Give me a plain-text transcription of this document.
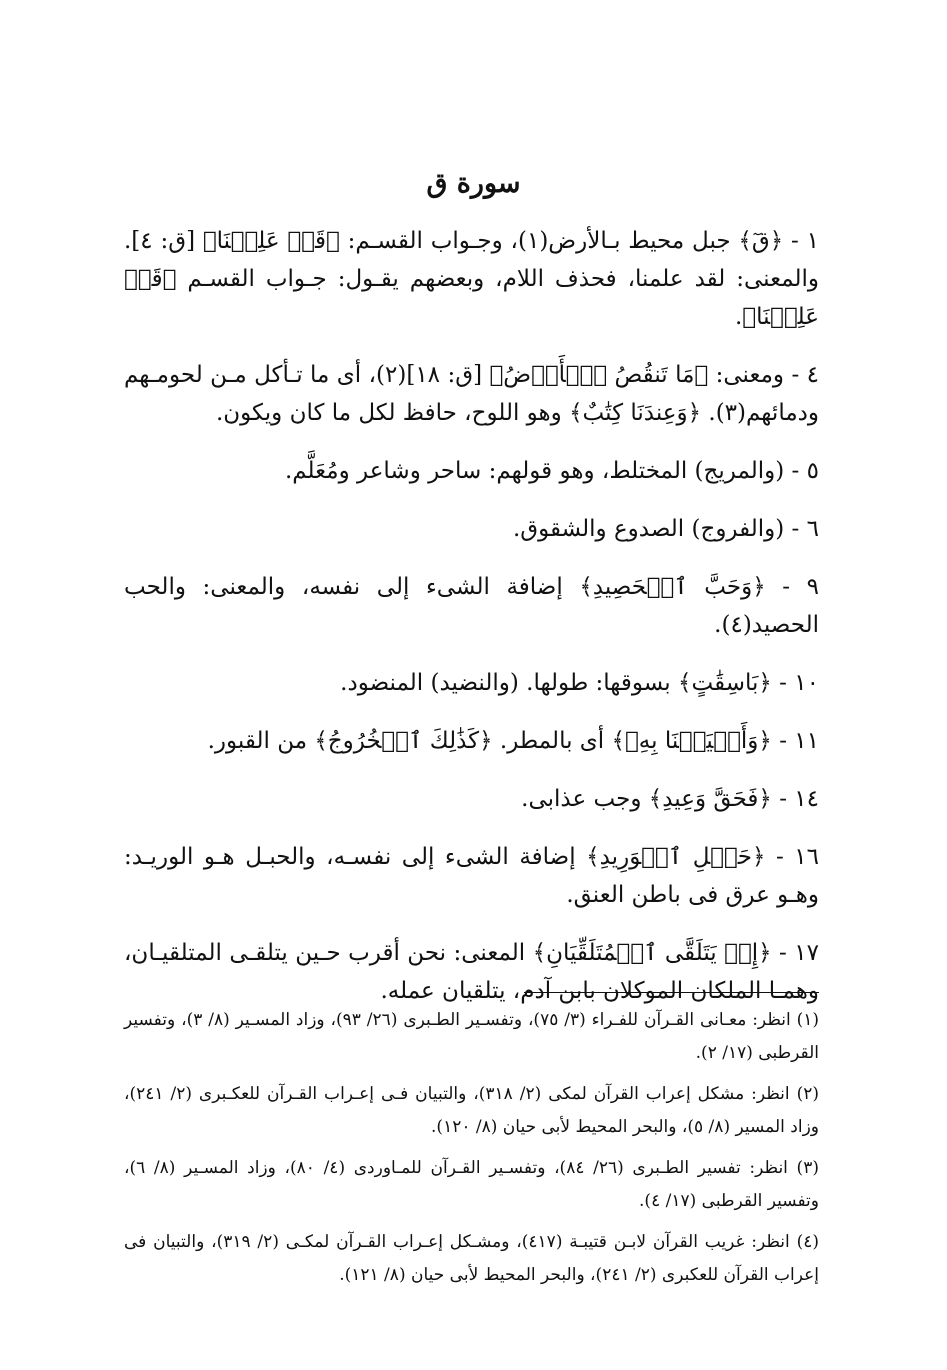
سورة ق

١ - ﴿قٓ﴾ جبل محيط بـالأرض(١)، وجـواب القسـم: ﴿قَدۡ عَلِمۡنَا﴾ [ق: ٤]. والمعنى: لقد علمنا، فحذف اللام، وبعضهم يقـول: جـواب القسـم ﴿قَدۡ عَلِمۡنَا﴾.

٤ - ومعنى: ﴿مَا تَنقُصُ ٱلۡأَرۡضُ﴾ [ق: ١٨](٢)، أى ما تـأكل مـن لحومـهم ودمائهم(٣). ﴿وَعِندَنَا كِتَٰبٌ﴾ وهو اللوح، حافظ لكل ما كان ويكون.

٥ - (والمريج) المختلط، وهو قولهم: ساحر وشاعر ومُعَلَّم.

٦ - (والفروج) الصدوع والشقوق.

٩ - ﴿وَحَبَّ ٱلۡحَصِيدِ﴾ إضافة الشىء إلى نفسه، والمعنى: والحب الحصيد(٤).

١٠ - ﴿بَاسِقَٰتٍ﴾ بسوقها: طولها. (والنضيد) المنضود.

١١ - ﴿وَأَحۡيَيۡنَا بِهِۦ﴾ أى بالمطر. ﴿كَذَٰلِكَ ٱلۡخُرُوجُ﴾ من القبور.

١٤ - ﴿فَحَقَّ وَعِيدِ﴾ وجب عذابى.

١٦ - ﴿حَبۡلِ ٱلۡوَرِيدِ﴾ إضافة الشىء إلى نفسـه، والحبـل هـو الوريـد: وهـو عرق فى باطن العنق.

١٧ - ﴿إِذۡ يَتَلَقَّى ٱلۡمُتَلَقِّيَانِ﴾ المعنى: نحن أقرب حـين يتلقـى المتلقيـان، وهمـا الملكان الموكلان بابن آدم، يتلقيان عمله.

(١) انظر: معـانى القـرآن للفـراء (٣/ ٧٥)، وتفسـير الطـبرى (٢٦/ ٩٣)، وزاد المسـير (٨/ ٣)، وتفسير القرطبى (١٧/ ٢).

(٢) انظر: مشكل إعراب القرآن لمكى (٢/ ٣١٨)، والتبيان فـى إعـراب القـرآن للعكـبرى (٢/ ٢٤١)، وزاد المسير (٨/ ٥)، والبحر المحيط لأبى حيان (٨/ ١٢٠).

(٣) انظر: تفسير الطـبرى (٢٦/ ٨٤)، وتفسـير القـرآن للمـاوردى (٤/ ٨٠)، وزاد المسـير (٨/ ٦)، وتفسير القرطبى (١٧/ ٤).

(٤) انظر: غريب القرآن لابـن قتيبـة (٤١٧)، ومشـكل إعـراب القـرآن لمكـى (٢/ ٣١٩)، والتبيان فى إعراب القرآن للعكبرى (٢/ ٢٤١)، والبحر المحيط لأبى حيان (٨/ ١٢١).
